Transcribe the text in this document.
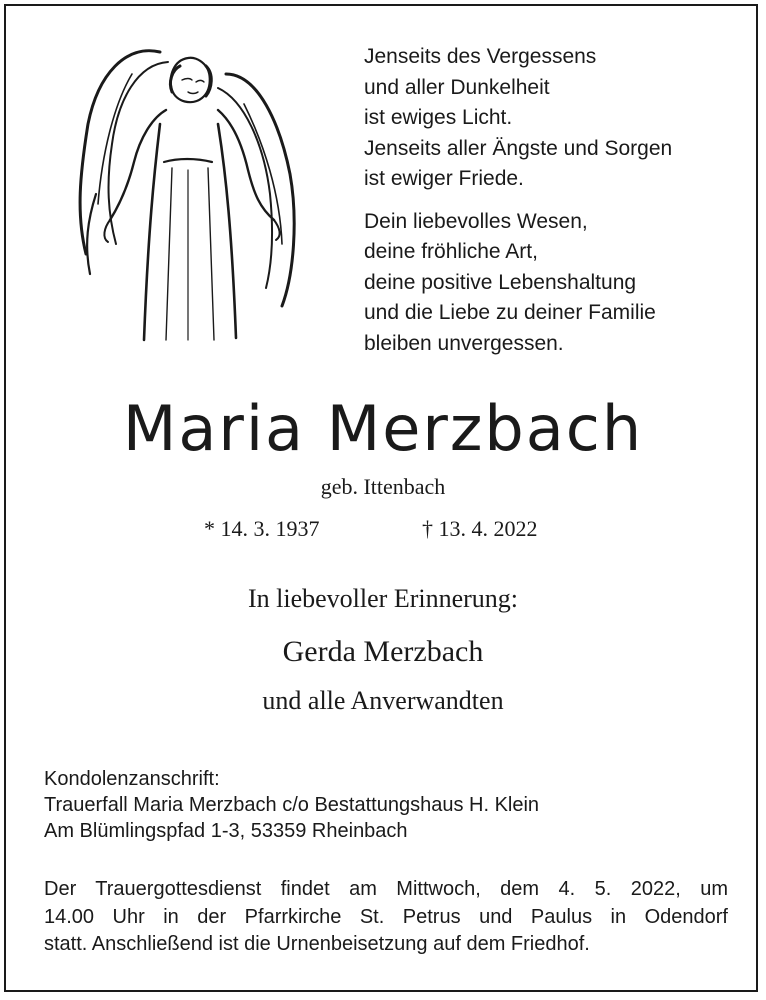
Jenseits des Vergessens
und aller Dunkelheit
ist ewiges Licht.
Jenseits aller Ängste und Sorgen
ist ewiger Friede.
Dein liebevolles Wesen,
deine fröhliche Art,
deine positive Lebenshaltung
und die Liebe zu deiner Familie
bleiben unvergessen.
Maria Merzbach
geb. Ittenbach
* 14. 3. 1937	† 13. 4. 2022
In liebevoller Erinnerung:
Gerda Merzbach
und alle Anverwandten
Kondolenzanschrift:
Trauerfall Maria Merzbach c/o Bestattungshaus H. Klein
Am Blümlingspfad 1-3, 53359 Rheinbach
Der Trauergottesdienst findet am Mittwoch, dem 4. 5. 2022, um
14.00 Uhr in der Pfarrkirche St. Petrus und Paulus in Odendorf
statt. Anschließend ist die Urnenbeisetzung auf dem Friedhof.
